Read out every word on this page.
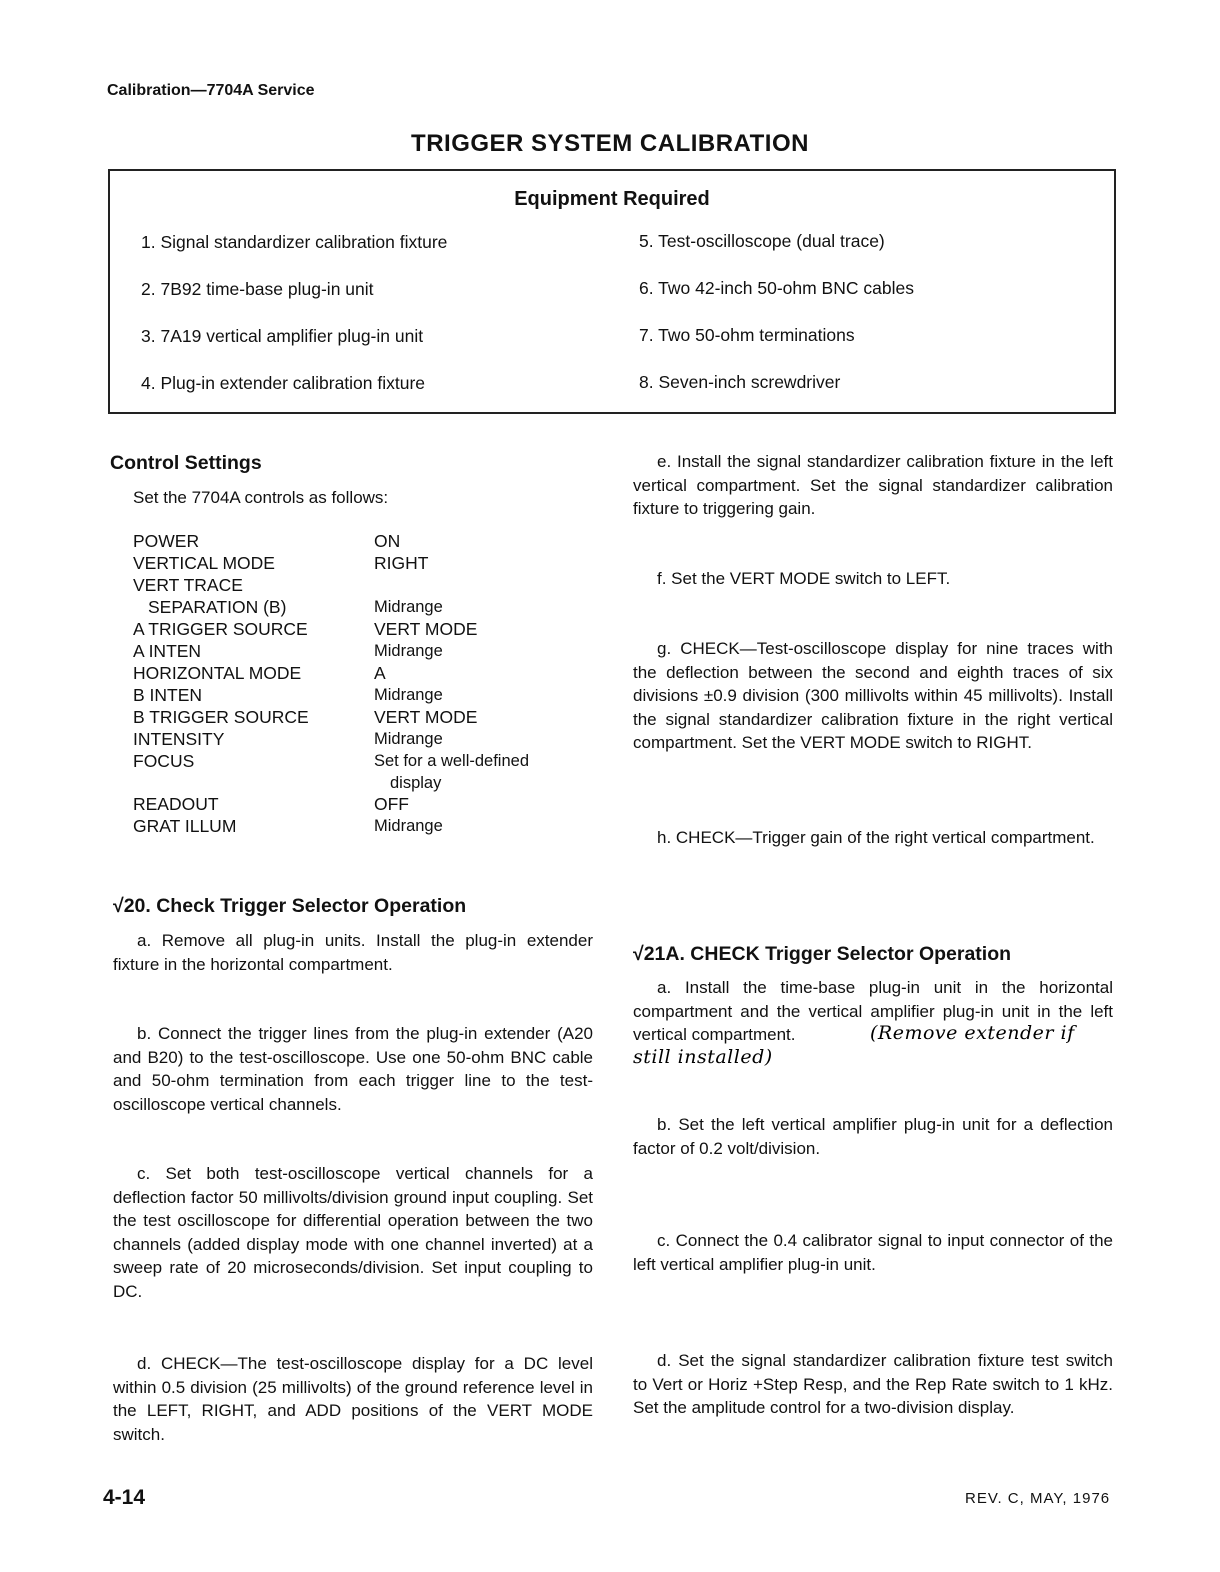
Calibration—7704A Service
TRIGGER SYSTEM CALIBRATION
Equipment Required
1. Signal standardizer calibration fixture
2. 7B92 time-base plug-in unit
3. 7A19 vertical amplifier plug-in unit
4. Plug-in extender calibration fixture
5. Test-oscilloscope (dual trace)
6. Two 42-inch 50-ohm BNC cables
7. Two 50-ohm terminations
8. Seven-inch screwdriver
Control Settings
Set the 7704A controls as follows:
POWER
VERTICAL MODE
VERT TRACE
SEPARATION (B)
A TRIGGER SOURCE
A INTEN
HORIZONTAL MODE
B INTEN
B TRIGGER SOURCE
INTENSITY
FOCUS
READOUT
GRAT ILLUM
ON
RIGHT
Midrange
VERT MODE
Midrange
A
Midrange
VERT MODE
Midrange
Set for a well-defined
display
OFF
Midrange
√20. Check Trigger Selector Operation
a. Remove all plug-in units. Install the plug-in extender fixture in the horizontal compartment.
b. Connect the trigger lines from the plug-in extender (A20 and B20) to the test-oscilloscope. Use one 50-ohm BNC cable and 50-ohm termination from each trigger line to the test-oscilloscope vertical channels.
c. Set both test-oscilloscope vertical channels for a deflection factor 50 millivolts/division ground input coupling. Set the test oscilloscope for differential operation between the two channels (added display mode with one channel inverted) at a sweep rate of 20 microseconds/division. Set input coupling to DC.
d. CHECK—The test-oscilloscope display for a DC level within 0.5 division (25 millivolts) of the ground reference level in the LEFT, RIGHT, and ADD positions of the VERT MODE switch.
e. Install the signal standardizer calibration fixture in the left vertical compartment. Set the signal standardizer calibration fixture to triggering gain.
f. Set the VERT MODE switch to LEFT.
g. CHECK—Test-oscilloscope display for nine traces with the deflection between the second and eighth traces of six divisions ±0.9 division (300 millivolts within 45 millivolts). Install the signal standardizer calibration fixture in the right vertical compartment. Set the VERT MODE switch to RIGHT.
h. CHECK—Trigger gain of the right vertical compartment.
√21A. CHECK Trigger Selector Operation
a. Install the time-base plug-in unit in the horizontal compartment and the vertical amplifier plug-in unit in the left vertical compartment.	(Remove extender if
still installed)
b. Set the left vertical amplifier plug-in unit for a deflection factor of 0.2 volt/division.
c. Connect the 0.4 calibrator signal to input connector of the left vertical amplifier plug-in unit.
d. Set the signal standardizer calibration fixture test switch to Vert or Horiz +Step Resp, and the Rep Rate switch to 1 kHz. Set the amplitude control for a two-division display.
4-14	REV. C, MAY, 1976
